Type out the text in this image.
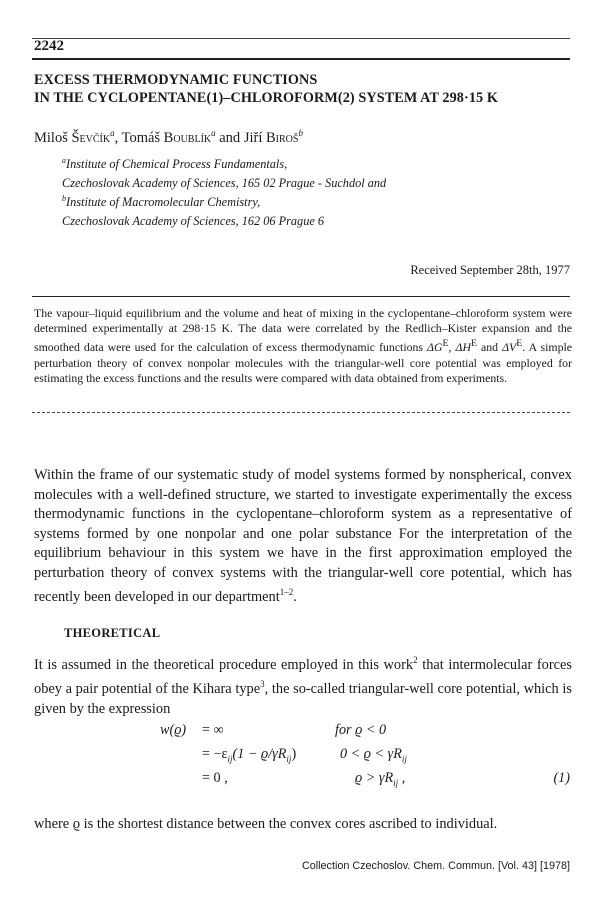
2242
EXCESS THERMODYNAMIC FUNCTIONS
IN THE CYCLOPENTANE(1)–CHLOROFORM(2) SYSTEM AT 298·15 K
Miloš Ševčík$^a$, Tomáš Boublík$^a$ and Jiří Biroš$^b$
$^a$Institute of Chemical Process Fundamentals,
Czechoslovak Academy of Sciences, 165 02 Prague - Suchdol and
$^b$Institute of Macromolecular Chemistry,
Czechoslovak Academy of Sciences, 162 06 Prague 6
Received September 28th, 1977
The vapour–liquid equilibrium and the volume and heat of mixing in the cyclopentane–chloroform system were determined experimentally at 298·15 K. The data were correlated by the Redlich–Kister expansion and the smoothed data were used for the calculation of excess thermodynamic functions $\Delta G^E$, $\Delta H^E$ and $\Delta V^E$. A simple perturbation theory of convex nonpolar molecules with the triangular-well core potential was employed for estimating the excess functions and the results were compared with data obtained from experiments.
Within the frame of our systematic study of model systems formed by nonspherical, convex molecules with a well-defined structure, we started to investigate experimentally the excess thermodynamic functions in the cyclopentane–chloroform system as a representative of systems formed by one nonpolar and one polar substance For the interpretation of the equilibrium behaviour in this system we have in the first approximation employed the perturbation theory of convex systems with the triangular-well core potential, which has recently been developed in our department$^{1-2}$.
THEORETICAL
It is assumed in the theoretical procedure employed in this work$^2$ that intermolecular forces obey a pair potential of the Kihara type$^3$, the so-called triangular-well core potential, which is given by the expression
w(ϱ) = ∞	for ϱ < 0
= $-\varepsilon_{ij}(1 - ϱ/\gamma R_{ij})$	$0 < ϱ < \gamma R_{ij}$
= 0 ,	$ϱ > \gamma R_{ij}$ ,	(1)
where ϱ is the shortest distance between the convex cores ascribed to individual.
Collection Czechoslov. Chem. Commun. [Vol. 43] [1978]
